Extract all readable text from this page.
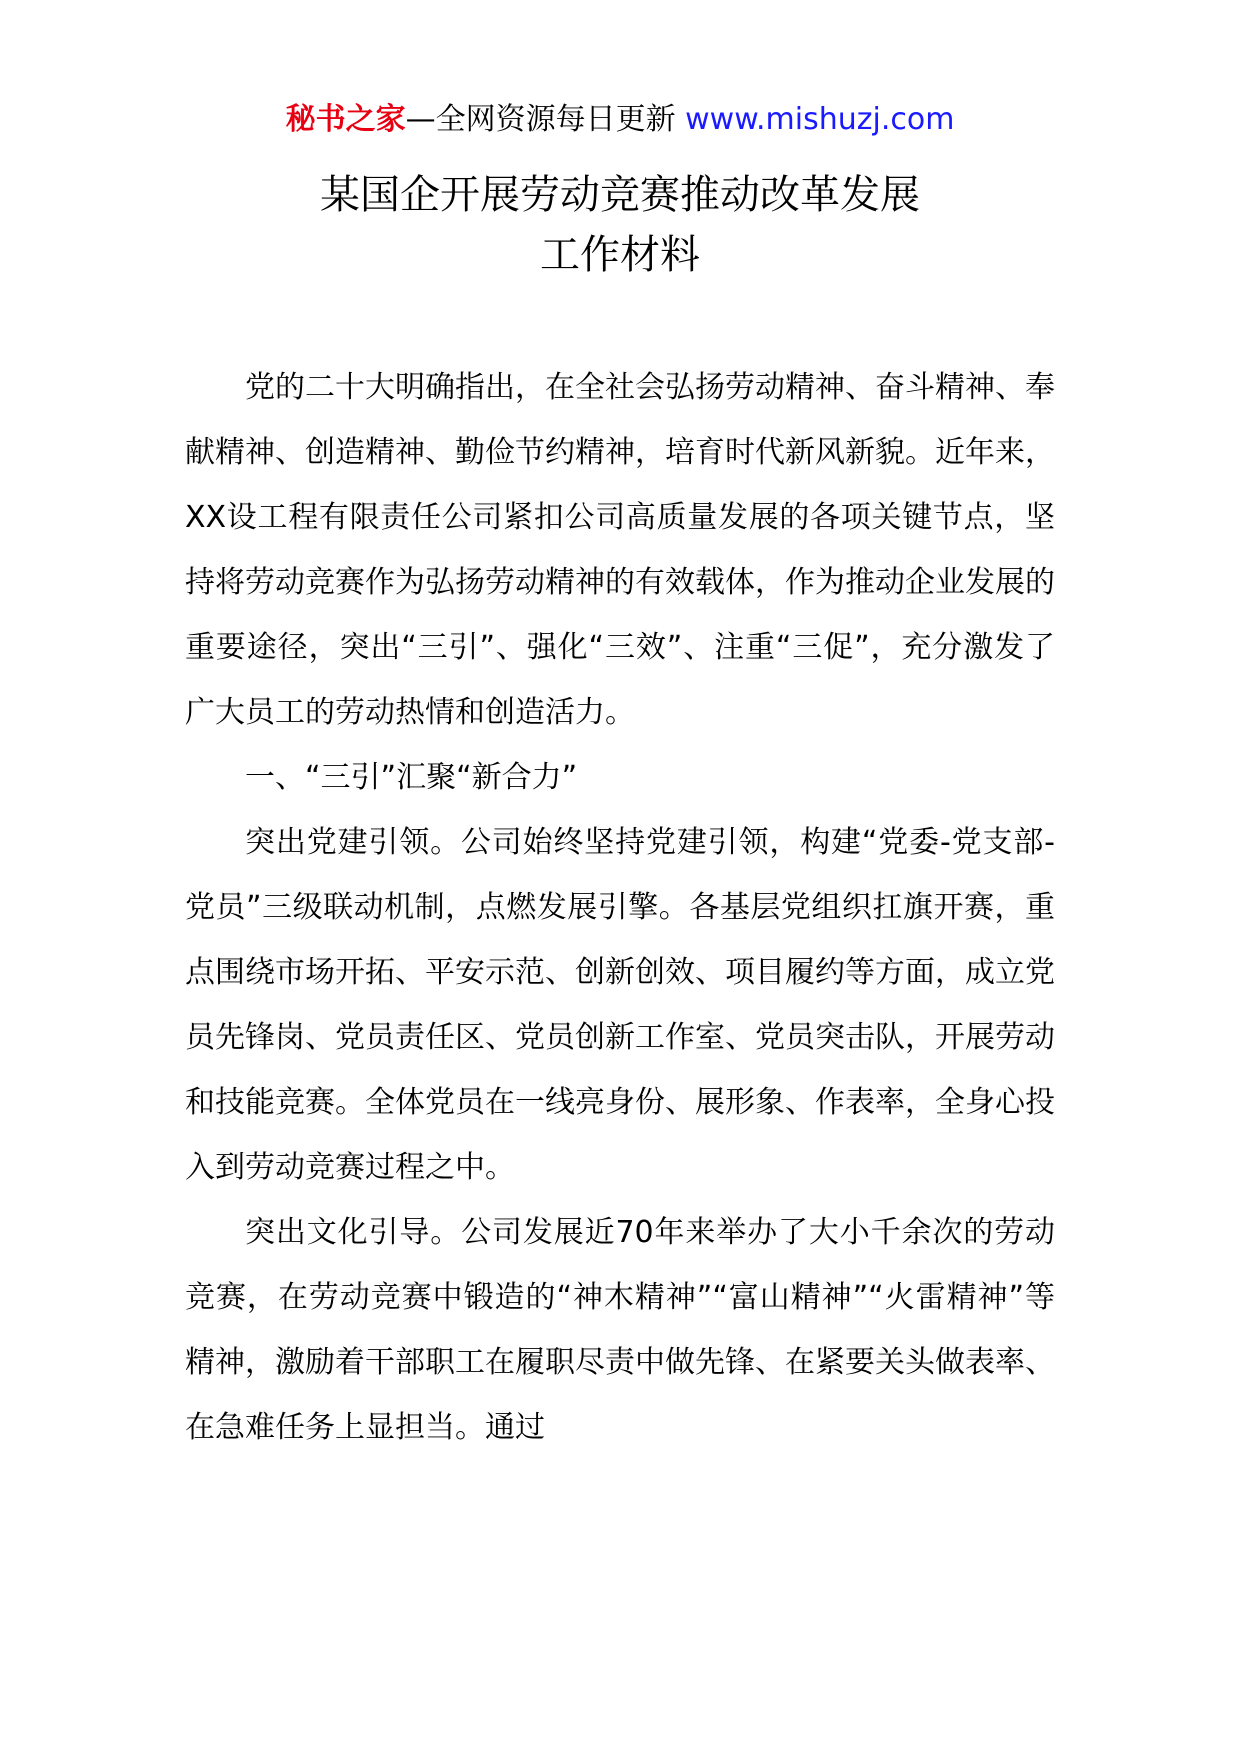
秘书之家—全网资源每日更新 www.mishuzj.com
某国企开展劳动竞赛推动改革发展
工作材料

党的二十大明确指出，在全社会弘扬劳动精神、奋斗精神、奉献精神、创造精神、勤俭节约精神，培育时代新风新貌。近年来，XX设工程有限责任公司紧扣公司高质量发展的各项关键节点，坚持将劳动竞赛作为弘扬劳动精神的有效载体，作为推动企业发展的重要途径，突出“三引”、强化“三效”、注重“三促”，充分激发了广大员工的劳动热情和创造活力。

一、“三引”汇聚“新合力”

突出党建引领。公司始终坚持党建引领，构建“党委-党支部-党员”三级联动机制，点燃发展引擎。各基层党组织扛旗开赛，重点围绕市场开拓、平安示范、创新创效、项目履约等方面，成立党员先锋岗、党员责任区、党员创新工作室、党员突击队，开展劳动和技能竞赛。全体党员在一线亮身份、展形象、作表率，全身心投入到劳动竞赛过程之中。

突出文化引导。公司发展近70年来举办了大小千余次的劳动竞赛，在劳动竞赛中锻造的“神木精神”“富山精神”“火雷精神”等精神，激励着干部职工在履职尽责中做先锋、在紧要关头做表率、在急难任务上显担当。通过
